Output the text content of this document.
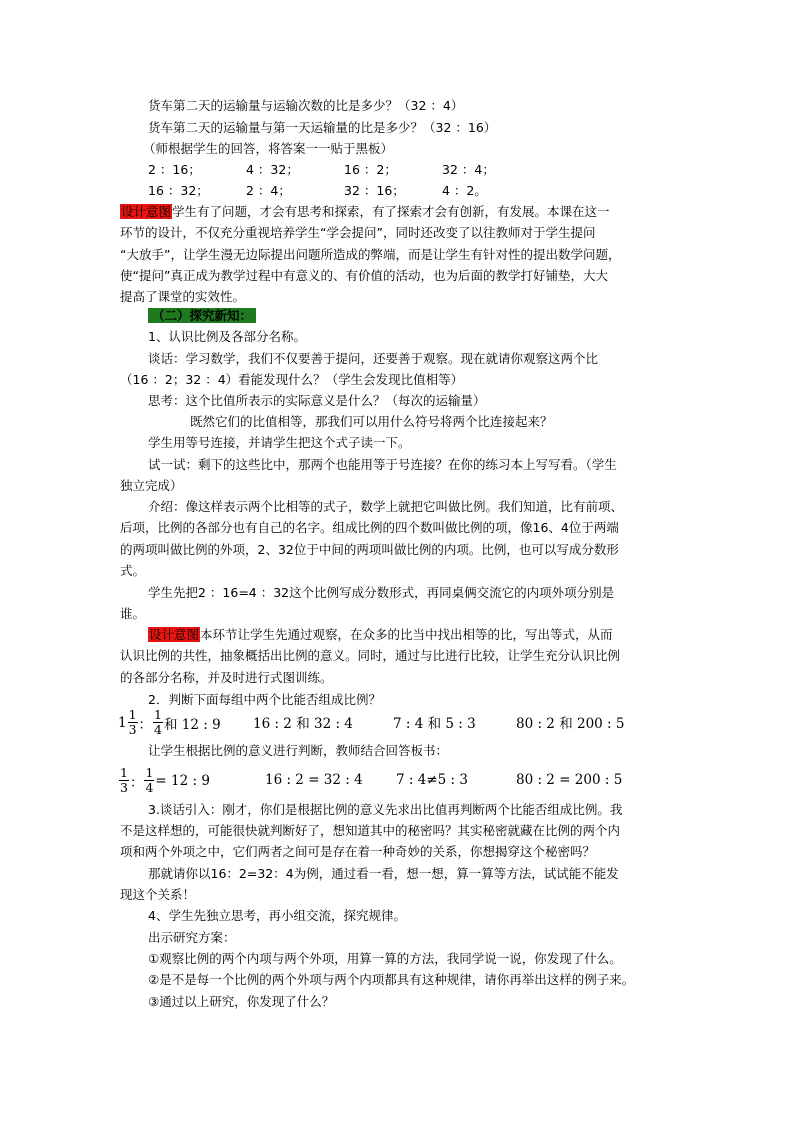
货车第二天的运输量与运输次数的比是多少？（32 ：4）
货车第二天的运输量与第一天运输量的比是多少？（32 ：16）
（师根据学生的回答，将答案一一贴于黑板）
2 ：16；	4 ：32；	16 ：2；	32 ：4；
16 ：32；	2 ：4；	32 ：16；	4 ：2。
设计意图学生有了问题，才会有思考和探索，有了探索才会有创新，有发展。本课在这一
环节的设计，不仅充分重视培养学生“学会提问”，同时还改变了以往教师对于学生提问
“大放手”，让学生漫无边际提出问题所造成的弊端，而是让学生有针对性的提出数学问题，
使“提问”真正成为教学过程中有意义的、有价值的活动，也为后面的教学打好铺垫，大大
提高了课堂的实效性。
（二）探究新知：
1、认识比例及各部分名称。
谈话：学习数学，我们不仅要善于提问，还要善于观察。现在就请你观察这两个比
（16 ：2；32 ：4）看能发现什么？（学生会发现比值相等）
思考：这个比值所表示的实际意义是什么？（每次的运输量）
既然它们的比值相等，那我们可以用什么符号将两个比连接起来？
学生用等号连接，并请学生把这个式子读一下。
试一试：剩下的这些比中，那两个也能用等于号连接？在你的练习本上写写看。（学生
独立完成）
介绍：像这样表示两个比相等的式子，数学上就把它叫做比例。我们知道，比有前项、
后项，比例的各部分也有自己的名字。组成比例的四个数叫做比例的项，像16、4位于两端
的两项叫做比例的外项，2、32位于中间的两项叫做比例的内项。比例，也可以写成分数形
式。
学生先把2 ：16=4 ：32这个比例写成分数形式，再同桌俩交流它的内项外项分别是
谁。
设计意图本环节让学生先通过观察，在众多的比当中找出相等的比，写出等式，从而
认识比例的共性，抽象概括出比例的意义。同时，通过与比进行比较，让学生充分认识比例
的各部分名称，并及时进行式图训练。
2．判断下面每组中两个比能否组成比例？
$1 \frac{1}{3}$ ： $\frac{1}{4}$ 和 12 : 9 16 : 2 和 32 : 4	7 : 4 和 5 : 3	80 : 2 和 200 : 5
让学生根据比例的意义进行判断，教师结合回答板书：
$\frac{1}{3}$ ： $\frac{1}{4} = 12$ : 9	16 : 2 = 32 : 4 7 : 4≠5 : 3	80 : 2 = 200 : 5
3.谈话引入：刚才，你们是根据比例的意义先求出比值再判断两个比能否组成比例。我
不是这样想的，可能很快就判断好了，想知道其中的秘密吗？其实秘密就藏在比例的两个内
项和两个外项之中，它们两者之间可是存在着一种奇妙的关系，你想揭穿这个秘密吗？
那就请你以16：2=32：4为例，通过看一看，想一想，算一算等方法，试试能不能发
现这个关系！
4、学生先独立思考，再小组交流，探究规律。
出示研究方案：
①观察比例的两个内项与两个外项，用算一算的方法，我同学说一说，你发现了什么。
②是不是每一个比例的两个外项与两个内项都具有这种规律，请你再举出这样的例子来。
③通过以上研究，你发现了什么？
